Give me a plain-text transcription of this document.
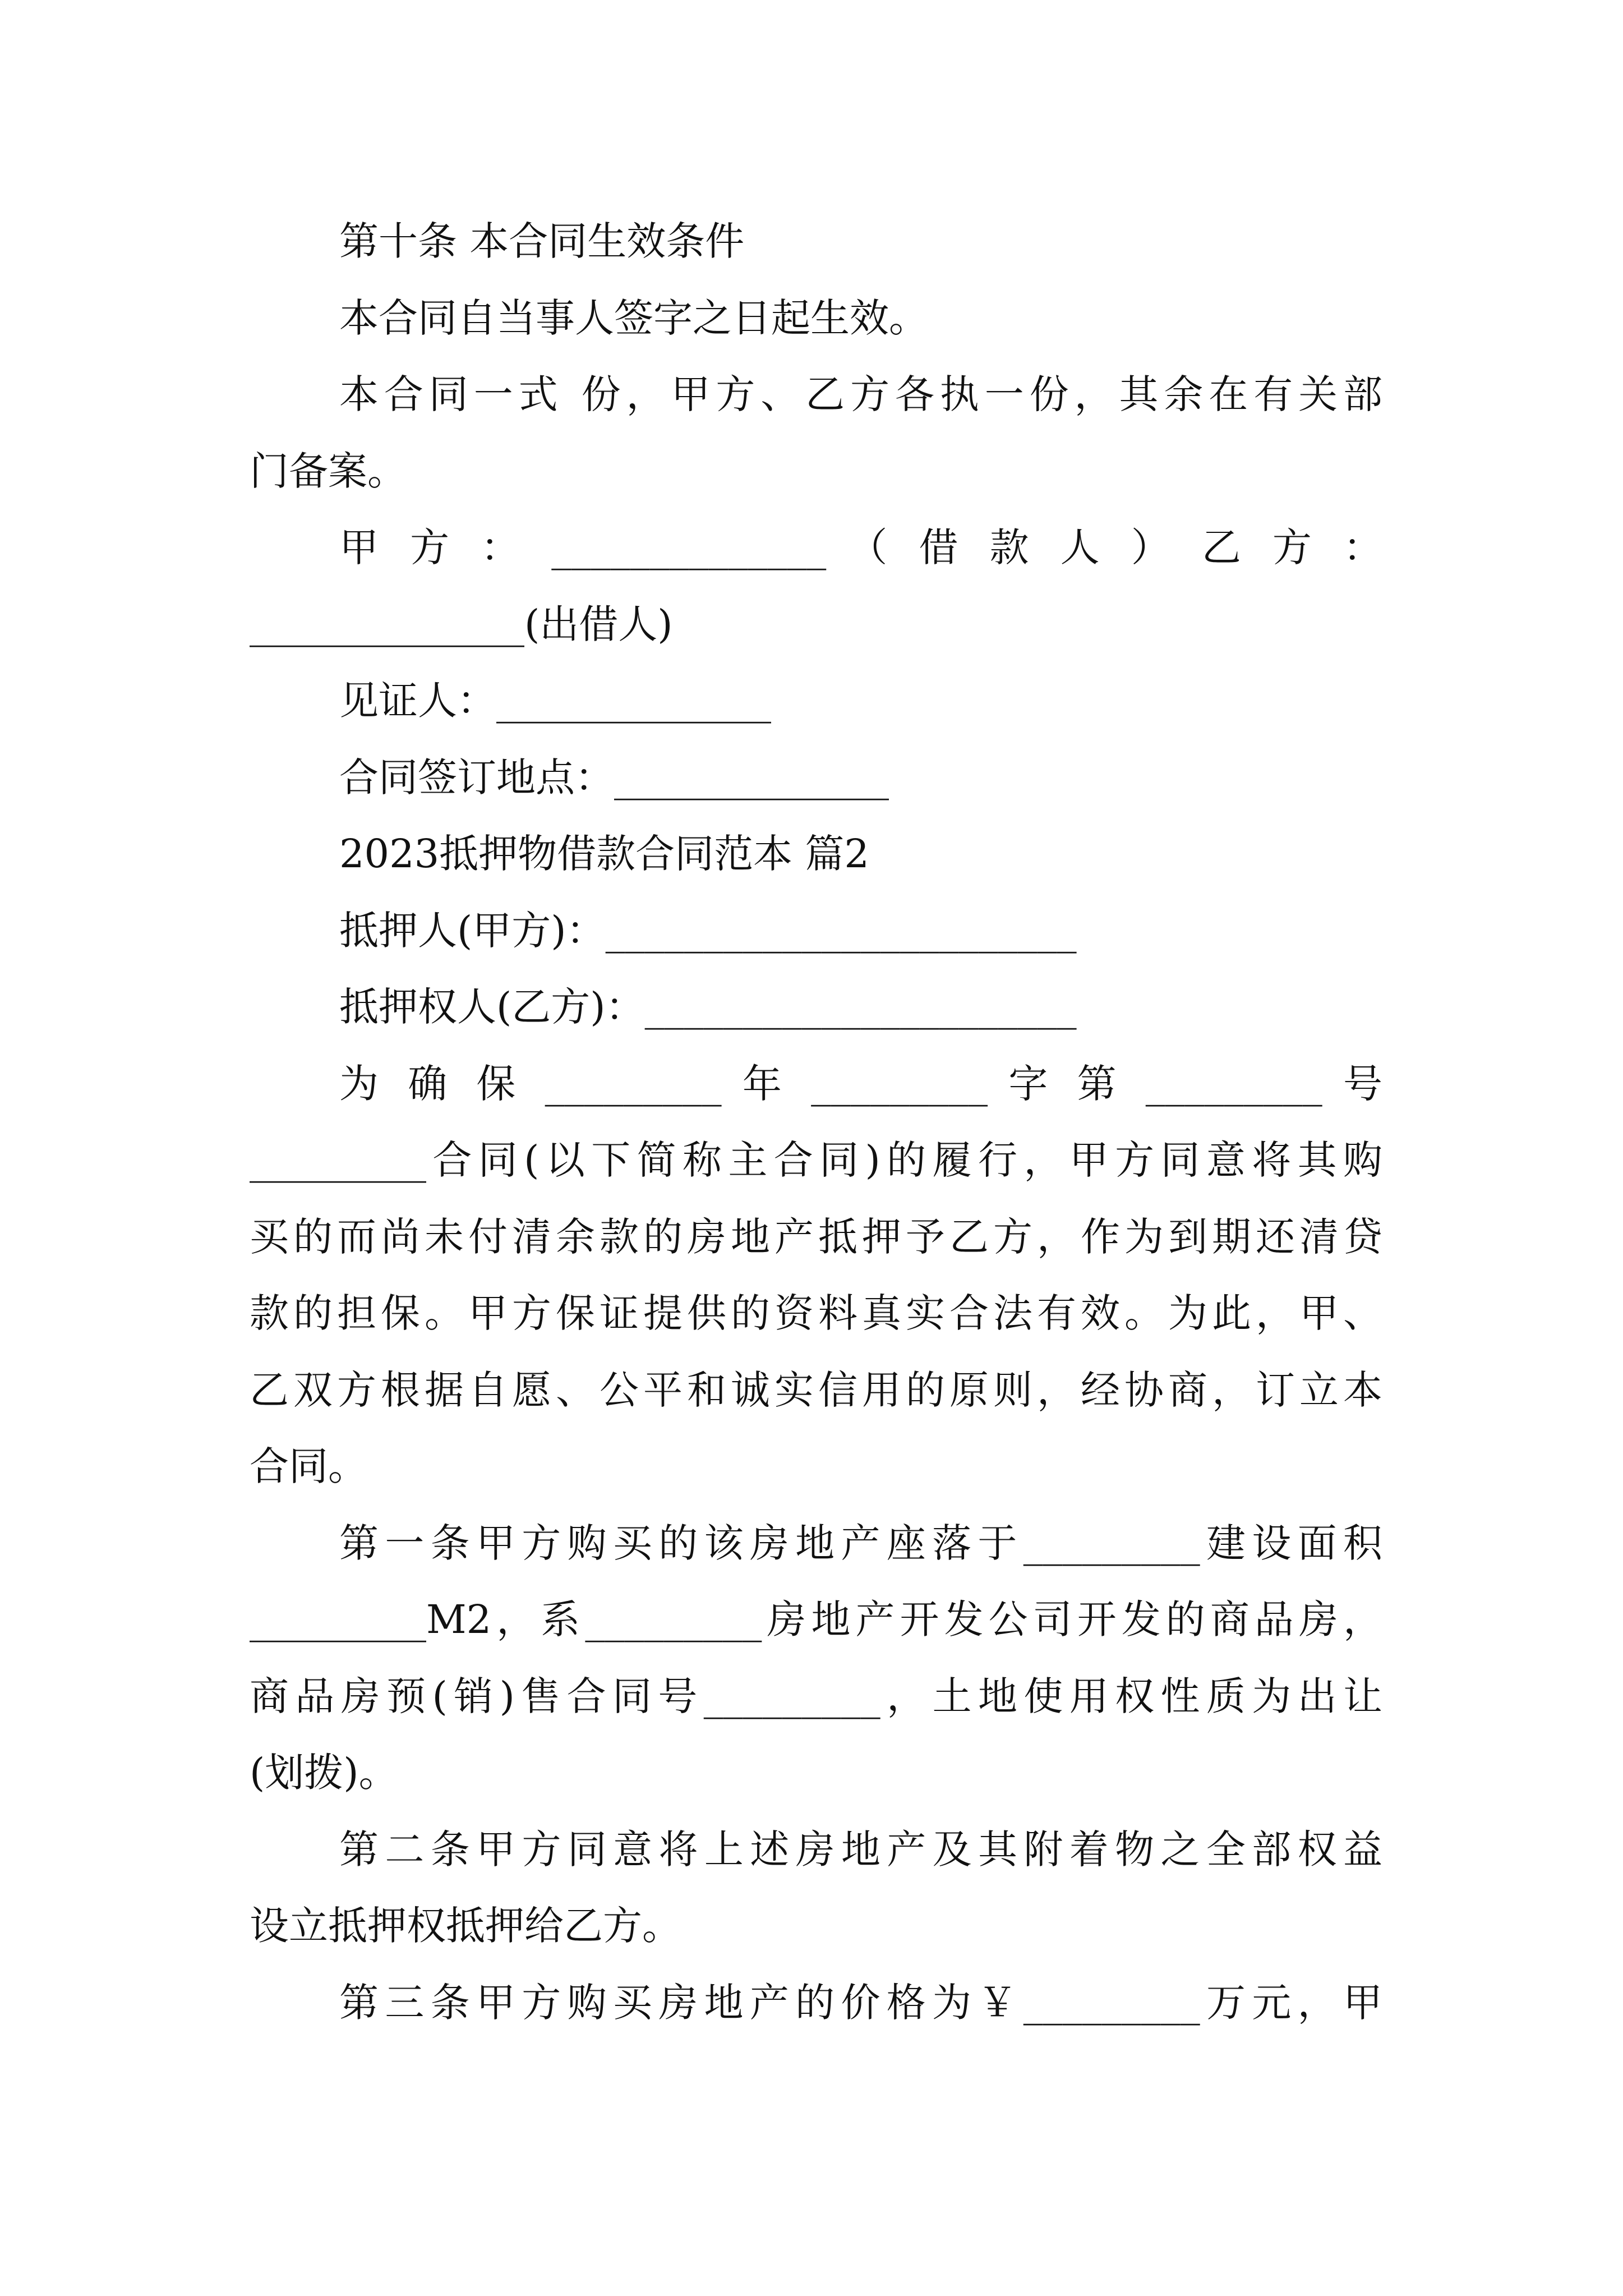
第十条 本合同生效条件
本合同自当事人签字之日起生效。
本合同一式 份，甲方、乙方各执一份，其余在有关部
门备案。
甲 方 ： ______________ （ 借 款 人 ） 乙 方 ：
______________(出借人)
见证人：______________
合同签订地点：______________
2023抵押物借款合同范本 篇2
抵押人(甲方)：________________________
抵押权人(乙方)：______________________
为 确 保 _________ 年 _________ 字 第 _________ 号
_________合同(以下简称主合同)的履行，甲方同意将其购
买的而尚未付清余款的房地产抵押予乙方，作为到期还清贷
款的担保。甲方保证提供的资料真实合法有效。为此，甲、
乙双方根据自愿、公平和诚实信用的原则，经协商，订立本
合同。
第一条甲方购买的该房地产座落于_________建设面积
_________M2，系_________房地产开发公司开发的商品房，
商品房预(销)售合同号_________，土地使用权性质为出让
(划拨)。
第二条甲方同意将上述房地产及其附着物之全部权益
设立抵押权抵押给乙方。
第三条甲方购买房地产的价格为￥_________万元，甲
